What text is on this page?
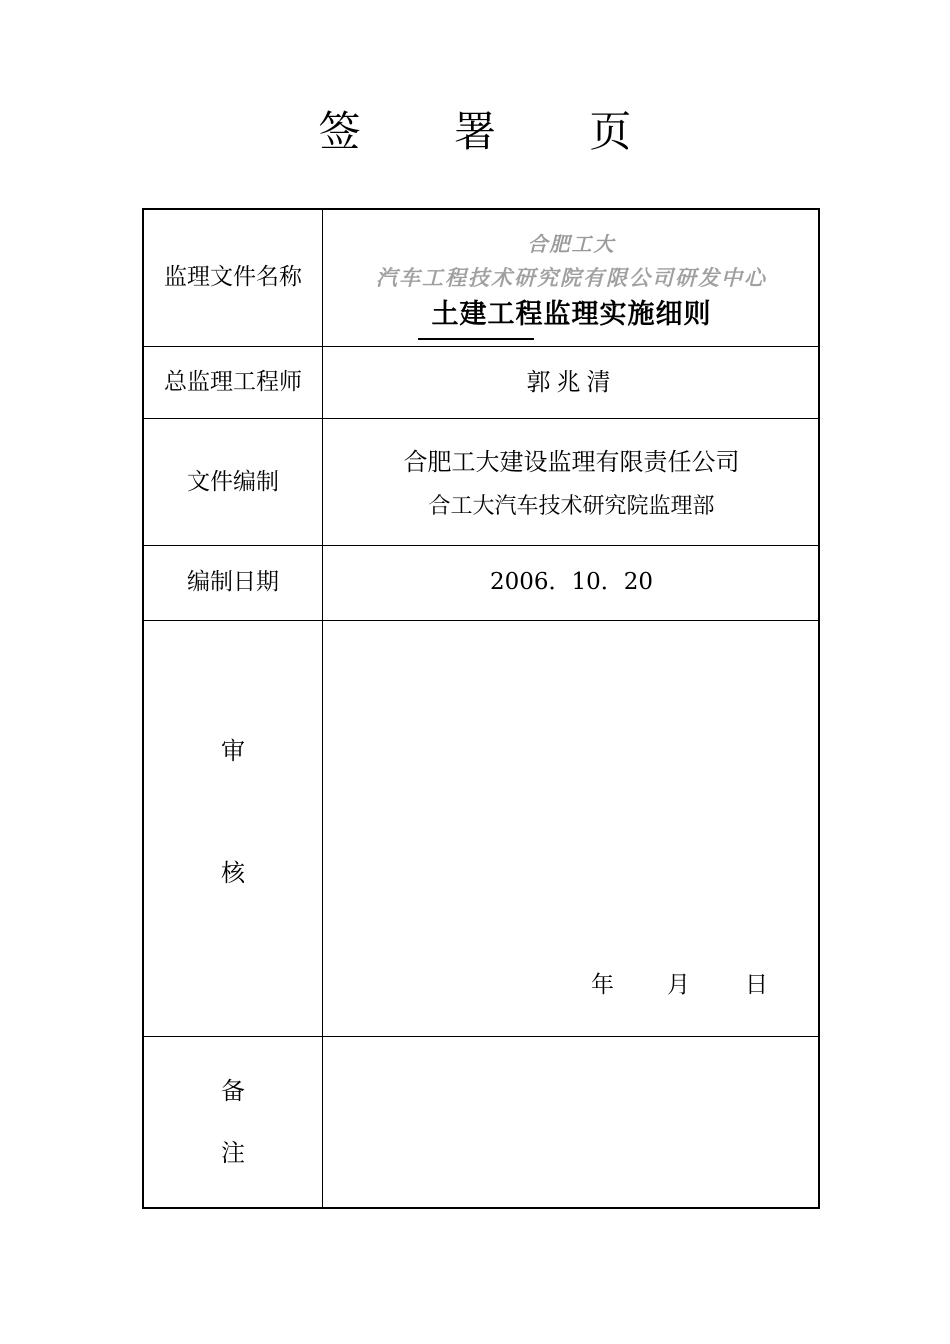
签 署 页
监理文件名称
合肥工大
汽车工程技术研究院有限公司研发中心
土建工程监理实施细则
总监理工程师	郭兆清
文件编制
合肥工大建设监理有限责任公司
合工大汽车技术研究院监理部
编制日期	2006．10．20
审
核
年 月 日
备
注
